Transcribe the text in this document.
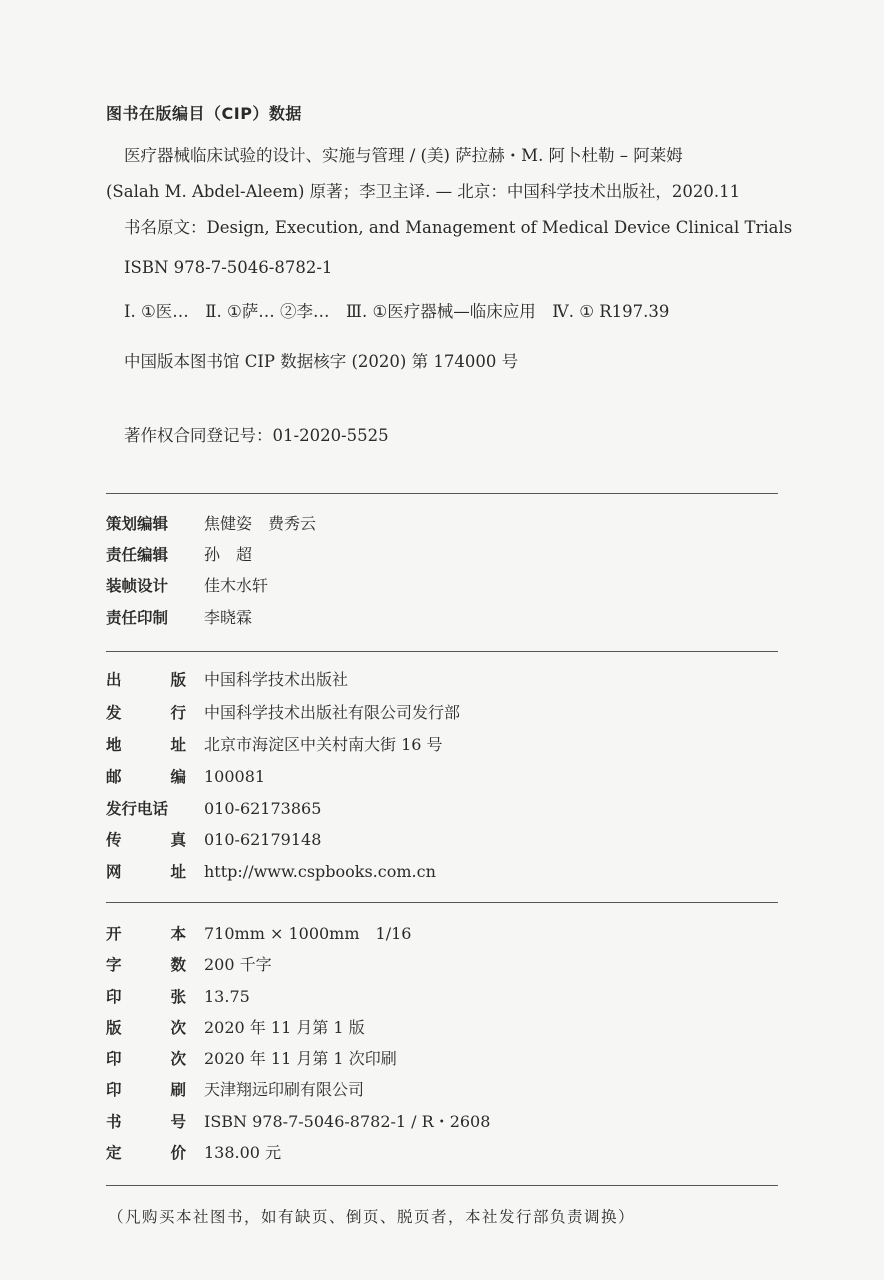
图书在版编目（CIP）数据
医疗器械临床试验的设计、实施与管理 / (美) 萨拉赫・M. 阿卜杜勒 – 阿莱姆
(Salah M. Abdel-Aleem) 原著；李卫主译. — 北京：中国科学技术出版社，2020.11
书名原文：Design, Execution, and Management of Medical Device Clinical Trials
ISBN 978-7-5046-8782-1
Ⅰ. ①医…　Ⅱ. ①萨… ②李…　Ⅲ. ①医疗器械—临床应用　Ⅳ. ① R197.39
中国版本图书馆 CIP 数据核字 (2020) 第 174000 号
著作权合同登记号：01-2020-5525
策划编辑 焦健姿　费秀云
责任编辑 孙　超
装帧设计 佳木水轩
责任印制 李晓霖
出	版 中国科学技术出版社
发	行 中国科学技术出版社有限公司发行部
地	址 北京市海淀区中关村南大街 16 号
邮	编 100081
发行电话 010-62173865
传	真 010-62179148
网	址 http://www.cspbooks.com.cn
开	本 710mm × 1000mm　1/16
字	数 200 千字
印	张 13.75
版	次 2020 年 11 月第 1 版
印	次 2020 年 11 月第 1 次印刷
印	刷 天津翔远印刷有限公司
书	号 ISBN 978-7-5046-8782-1 / R・2608
定	价 138.00 元
（凡购买本社图书，如有缺页、倒页、脱页者，本社发行部负责调换）
